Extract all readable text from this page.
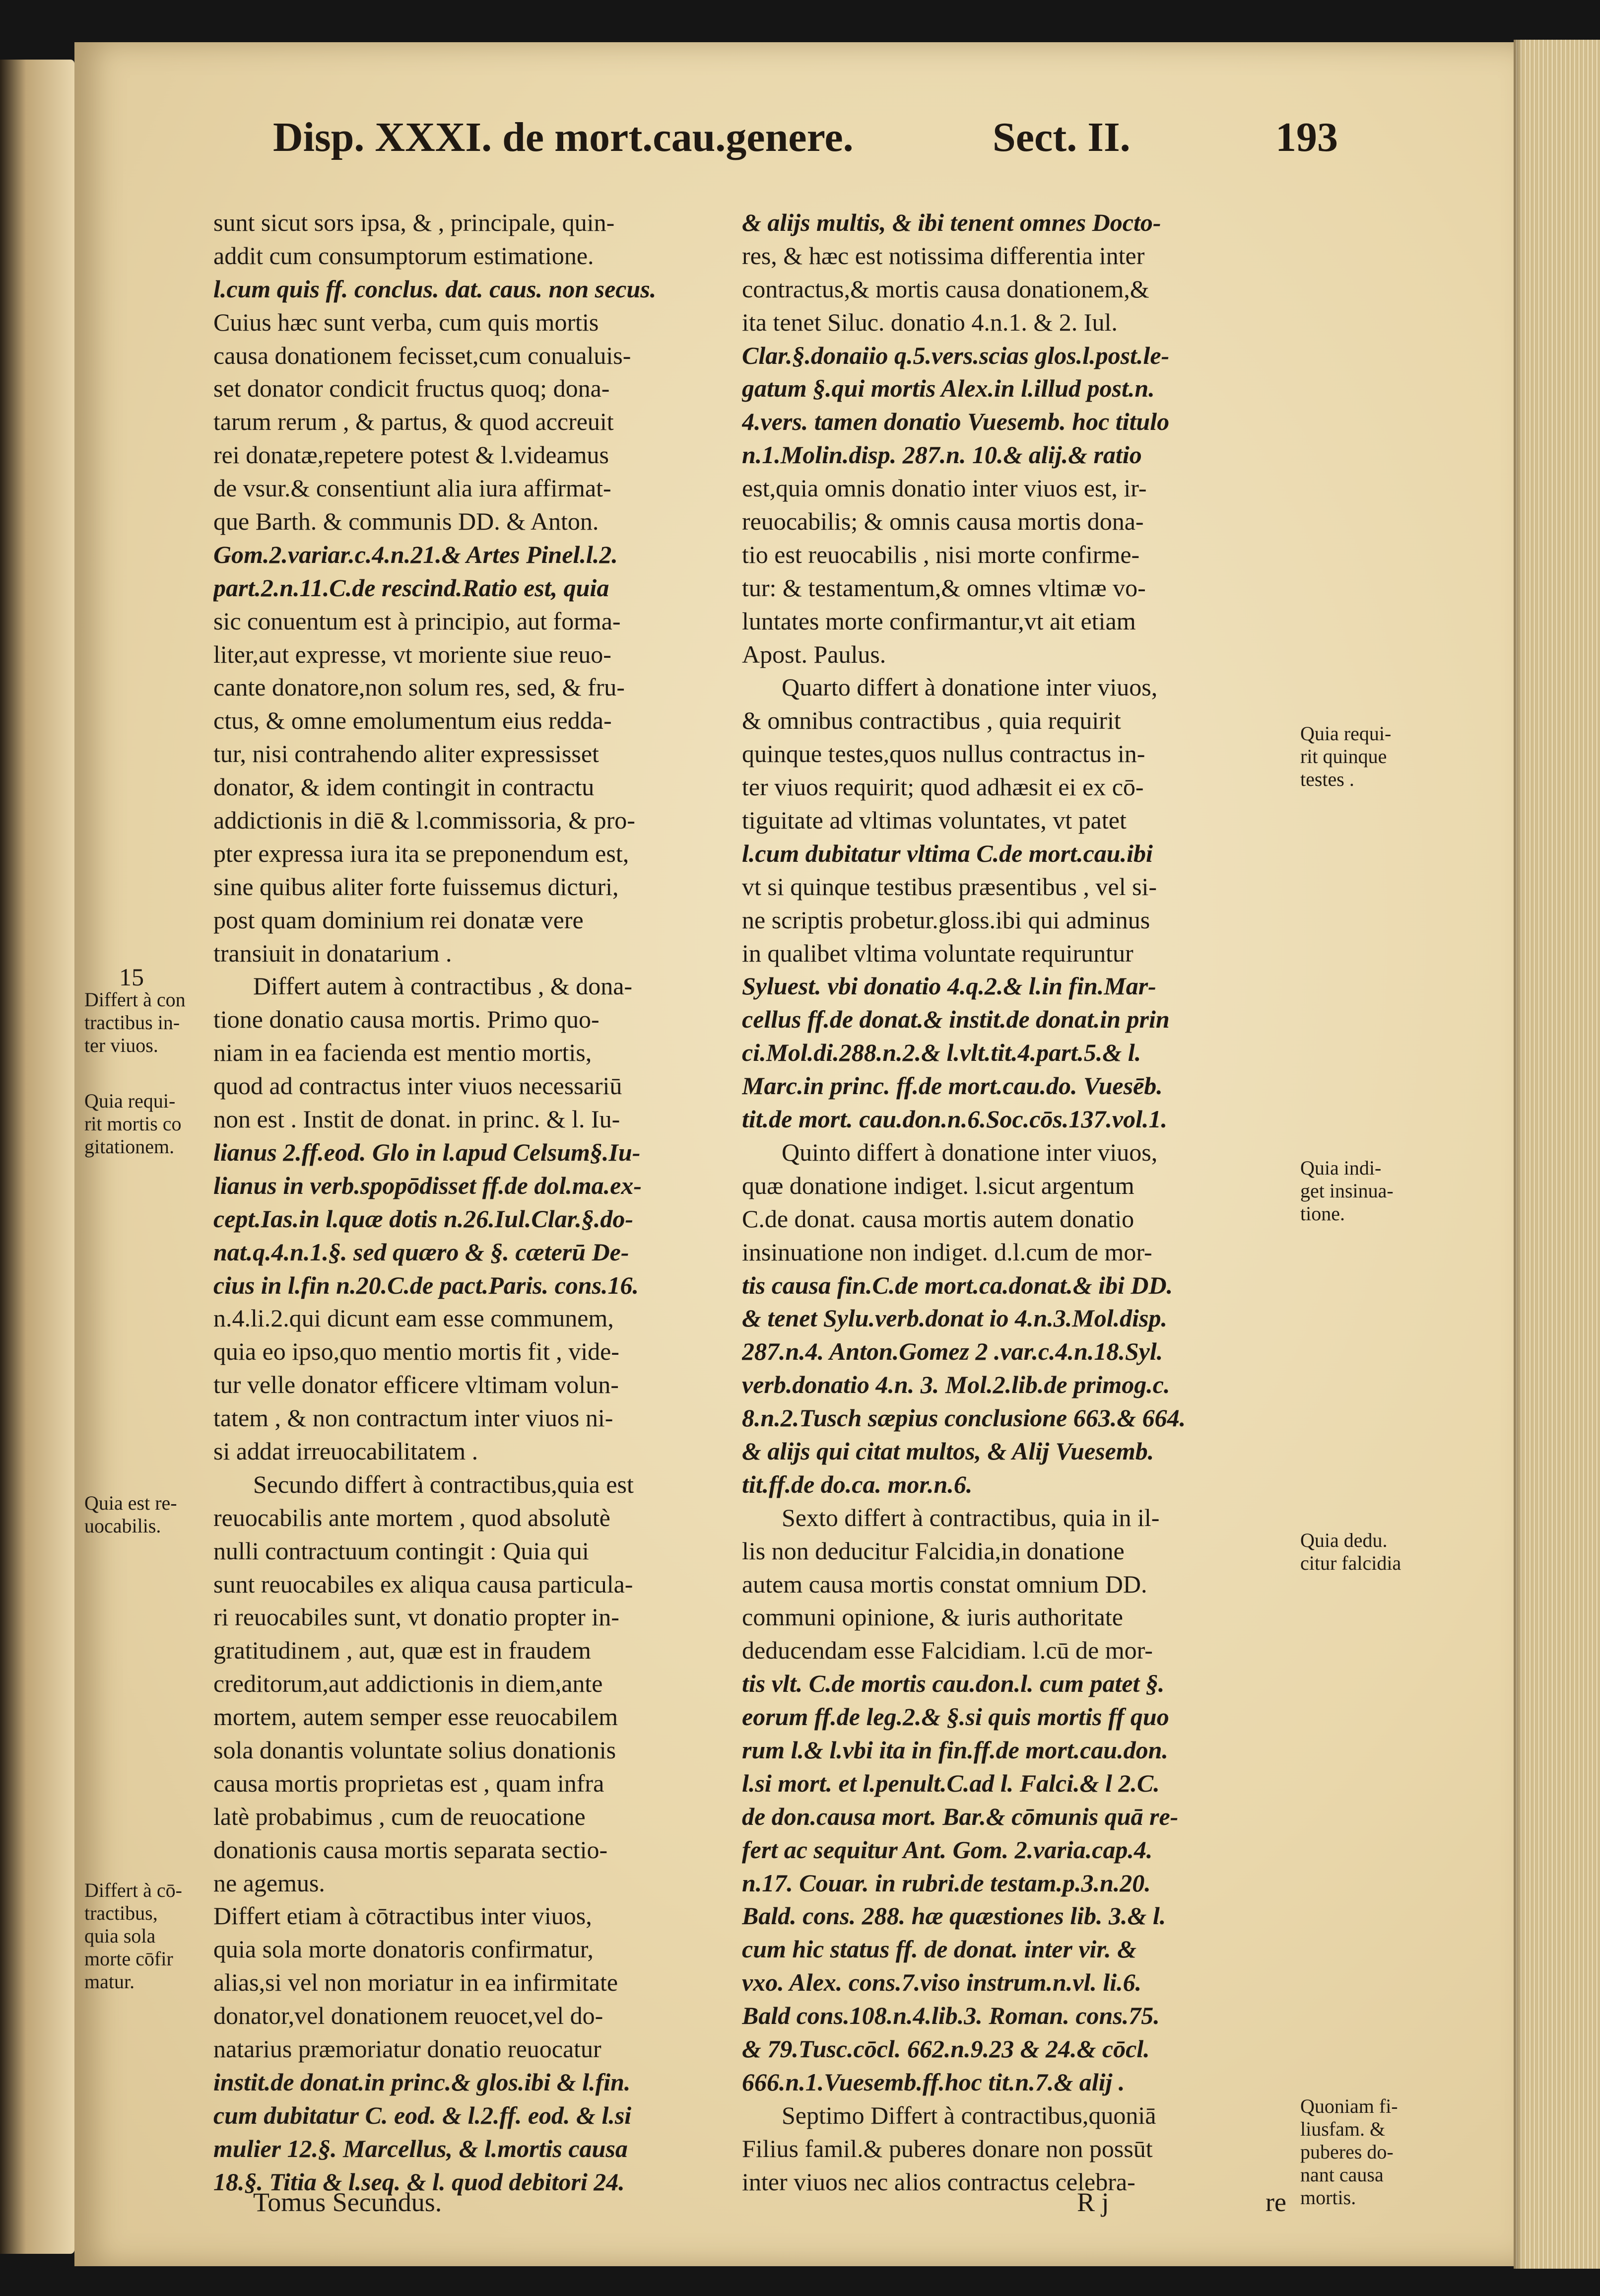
Disp. XXXI. de mort.cau.genere.	Sect. II.	193
sunt sicut sors ipsa, & , principale, quin-
addit cum consumptorum estimatione.
l.cum quis ff. conclus. dat. caus. non secus.
Cuius hæc sunt verba, cum quis mortis
causa donationem fecisset,cum conualuis-
set donator condicit fructus quoq; dona-
tarum rerum , & partus, & quod accreuit
rei donatæ,repetere potest & l.videamus
de vsur.& consentiunt alia iura affirmat-
que Barth. & communis DD. & Anton.
Gom.2.variar.c.4.n.21.& Artes Pinel.l.2.
part.2.n.11.C.de rescind.Ratio est, quia
sic conuentum est à principio, aut forma-
liter,aut expresse, vt moriente siue reuo-
cante donatore,non solum res, sed, & fru-
ctus, & omne emolumentum eius redda-
tur, nisi contrahendo aliter expressisset
donator, & idem contingit in contractu
addictionis in diē & l.commissoria, & pro-
pter expressa iura ita se preponendum est,
sine quibus aliter forte fuissemus dicturi,
post quam dominium rei donatæ vere
transiuit in donatarium .
Differt autem à contractibus , & dona-
tione donatio causa mortis. Primo quo-
niam in ea facienda est mentio mortis,
quod ad contractus inter viuos necessariū
non est . Instit de donat. in princ. & l. Iu-
lianus 2.ff.eod. Glo in l.apud Celsum§.Iu-
lianus in verb.spopōdisset ff.de dol.ma.ex-
cept.Ias.in l.quæ dotis n.26.Iul.Clar.§.do-
nat.q.4.n.1.§. sed quæro & §. cæterū De-
cius in l.fin n.20.C.de pact.Paris. cons.16.
n.4.li.2.qui dicunt eam esse communem,
quia eo ipso,quo mentio mortis fit , vide-
tur velle donator efficere vltimam volun-
tatem , & non contractum inter viuos ni-
si addat irreuocabilitatem .
Secundo differt à contractibus,quia est
reuocabilis ante mortem , quod absolutè
nulli contractuum contingit : Quia qui
sunt reuocabiles ex aliqua causa particula-
ri reuocabiles sunt, vt donatio propter in-
gratitudinem , aut, quæ est in fraudem
creditorum,aut addictionis in diem,ante
mortem, autem semper esse reuocabilem
sola donantis voluntate solius donationis
causa mortis proprietas est , quam infra
latè probabimus , cum de reuocatione
donationis causa mortis separata sectio-
ne agemus.
Differt etiam à cōtractibus inter viuos,
quia sola morte donatoris confirmatur,
alias,si vel non moriatur in ea infirmitate
donator,vel donationem reuocet,vel do-
natarius præmoriatur donatio reuocatur
instit.de donat.in princ.& glos.ibi & l.fin.
cum dubitatur C. eod. & l.2.ff. eod. & l.si
mulier 12.§. Marcellus, & l.mortis causa
18.§. Titia & l.seq. & l. quod debitori 24.
& alijs multis, & ibi tenent omnes Docto-
res, & hæc est notissima differentia inter
contractus,& mortis causa donationem,&
ita tenet Siluc. donatio 4.n.1. & 2. Iul.
Clar.§.donaiio q.5.vers.scias glos.l.post.le-
gatum §.qui mortis Alex.in l.illud post.n.
4.vers. tamen donatio Vuesemb. hoc titulo
n.1.Molin.disp. 287.n. 10.& alij.& ratio
est,quia omnis donatio inter viuos est, ir-
reuocabilis; & omnis causa mortis dona-
tio est reuocabilis , nisi morte confirme-
tur: & testamentum,& omnes vltimæ vo-
luntates morte confirmantur,vt ait etiam
Apost. Paulus.
Quarto differt à donatione inter viuos,
& omnibus contractibus , quia requirit
quinque testes,quos nullus contractus in-
ter viuos requirit; quod adhæsit ei ex cō-
tiguitate ad vltimas voluntates, vt patet
l.cum dubitatur vltima C.de mort.cau.ibi
vt si quinque testibus præsentibus , vel si-
ne scriptis probetur.gloss.ibi qui adminus
in qualibet vltima voluntate requiruntur
Syluest. vbi donatio 4.q.2.& l.in fin.Mar-
cellus ff.de donat.& instit.de donat.in prin
ci.Mol.di.288.n.2.& l.vlt.tit.4.part.5.& l.
Marc.in princ. ff.de mort.cau.do. Vuesēb.
tit.de mort. cau.don.n.6.Soc.cōs.137.vol.1.
Quinto differt à donatione inter viuos,
quæ donatione indiget. l.sicut argentum
C.de donat. causa mortis autem donatio
insinuatione non indiget. d.l.cum de mor-
tis causa fin.C.de mort.ca.donat.& ibi DD.
& tenet Sylu.verb.donat io 4.n.3.Mol.disp.
287.n.4. Anton.Gomez 2 .var.c.4.n.18.Syl.
verb.donatio 4.n. 3. Mol.2.lib.de primog.c.
8.n.2.Tusch sæpius conclusione 663.& 664.
& alijs qui citat multos, & Alij Vuesemb.
tit.ff.de do.ca. mor.n.6.
Sexto differt à contractibus, quia in il-
lis non deducitur Falcidia,in donatione
autem causa mortis constat omnium DD.
communi opinione, & iuris authoritate
deducendam esse Falcidiam. l.cū de mor-
tis vlt. C.de mortis cau.don.l. cum patet §.
eorum ff.de leg.2.& §.si quis mortis ff quo
rum l.& l.vbi ita in fin.ff.de mort.cau.don.
l.si mort. et l.penult.C.ad l. Falci.& l 2.C.
de don.causa mort. Bar.& cōmunis quā re-
fert ac sequitur Ant. Gom. 2.varia.cap.4.
n.17. Couar. in rubri.de testam.p.3.n.20.
Bald. cons. 288. hæ quæstiones lib. 3.& l.
cum hic status ff. de donat. inter vir. &
vxo. Alex. cons.7.viso instrum.n.vl. li.6.
Bald cons.108.n.4.lib.3. Roman. cons.75.
& 79.Tusc.cōcl. 662.n.9.23 & 24.& cōcl.
666.n.1.Vuesemb.ff.hoc tit.n.7.& alij .
Septimo Differt à contractibus,quoniā
Filius famil.& puberes donare non possūt
inter viuos nec alios contractus celebra-
15
Differt à con
tractibus in-
ter viuos.
Quia requi-
rit mortis co
gitationem.
Quia est re-
uocabilis.
Differt à cō-
tractibus,
quia sola
morte cōfir
matur.
Quia requi-
rit quinque
testes .
Quia indi-
get insinua-
tione.
Quia dedu.
citur falcidia
Quoniam fi-
liusfam. &
puberes do-
nant causa
mortis.
Tomus Secundus.	R j	re
